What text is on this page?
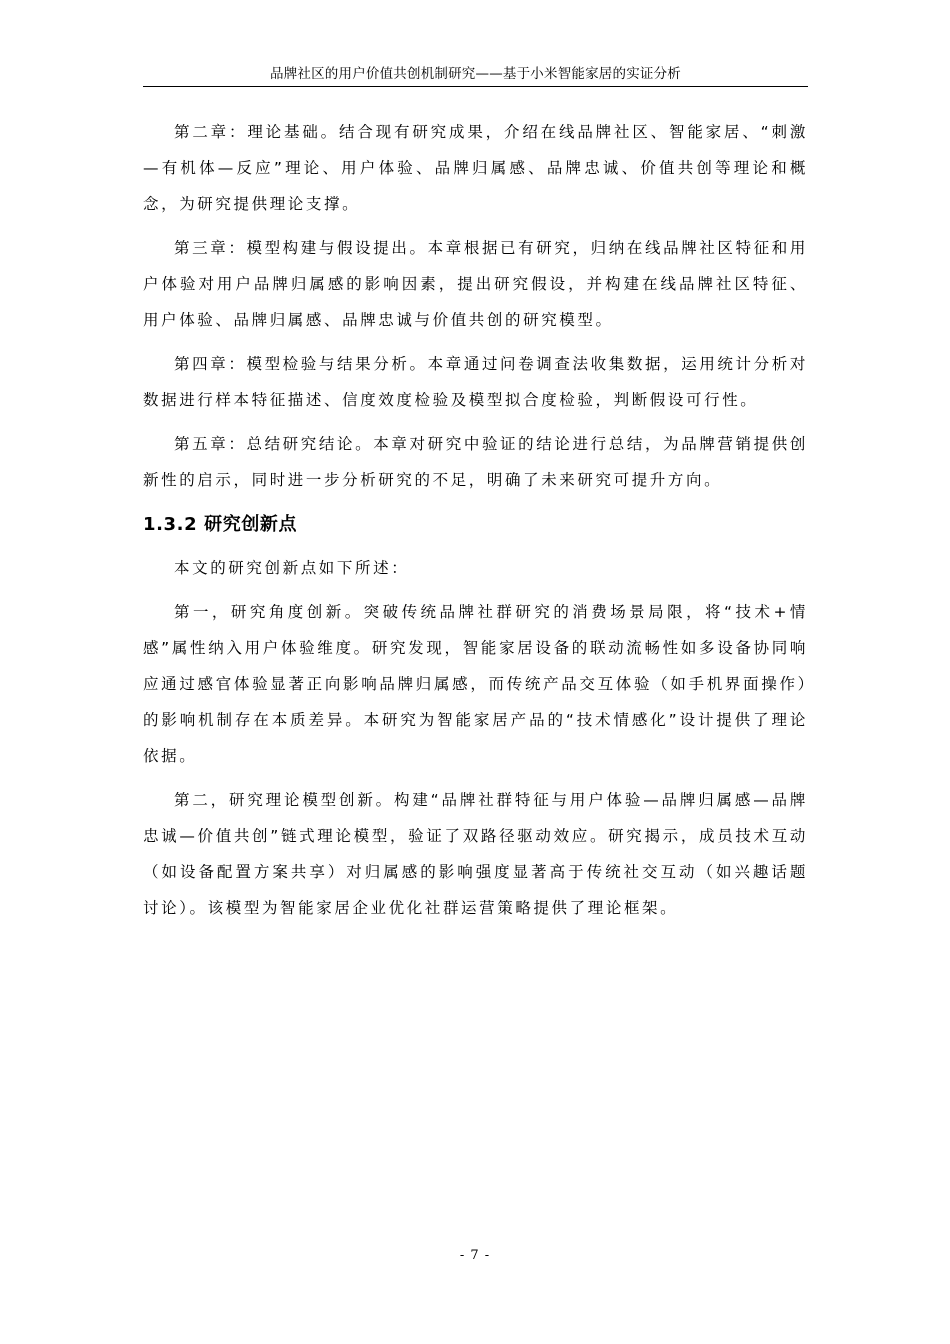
品牌社区的用户价值共创机制研究——基于小米智能家居的实证分析

第二章：理论基础。结合现有研究成果，介绍在线品牌社区、智能家居、“刺激—有机体—反应”理论、用户体验、品牌归属感、品牌忠诚、价值共创等理论和概念，为研究提供理论支撑。

第三章：模型构建与假设提出。本章根据已有研究，归纳在线品牌社区特征和用户体验对用户品牌归属感的影响因素，提出研究假设，并构建在线品牌社区特征、用户体验、品牌归属感、品牌忠诚与价值共创的研究模型。

第四章：模型检验与结果分析。本章通过问卷调查法收集数据，运用统计分析对数据进行样本特征描述、信度效度检验及模型拟合度检验，判断假设可行性。

第五章：总结研究结论。本章对研究中验证的结论进行总结，为品牌营销提供创新性的启示，同时进一步分析研究的不足，明确了未来研究可提升方向。

1.3.2 研究创新点

本文的研究创新点如下所述：

第一，研究角度创新。突破传统品牌社群研究的消费场景局限，将“技术+情感”属性纳入用户体验维度。研究发现，智能家居设备的联动流畅性如多设备协同响应通过感官体验显著正向影响品牌归属感，而传统产品交互体验（如手机界面操作）的影响机制存在本质差异。本研究为智能家居产品的“技术情感化”设计提供了理论依据。

第二，研究理论模型创新。构建“品牌社群特征与用户体验—品牌归属感—品牌忠诚—价值共创”链式理论模型，验证了双路径驱动效应。研究揭示，成员技术互动（如设备配置方案共享）对归属感的影响强度显著高于传统社交互动（如兴趣话题讨论）。该模型为智能家居企业优化社群运营策略提供了理论框架。

- 7 -
